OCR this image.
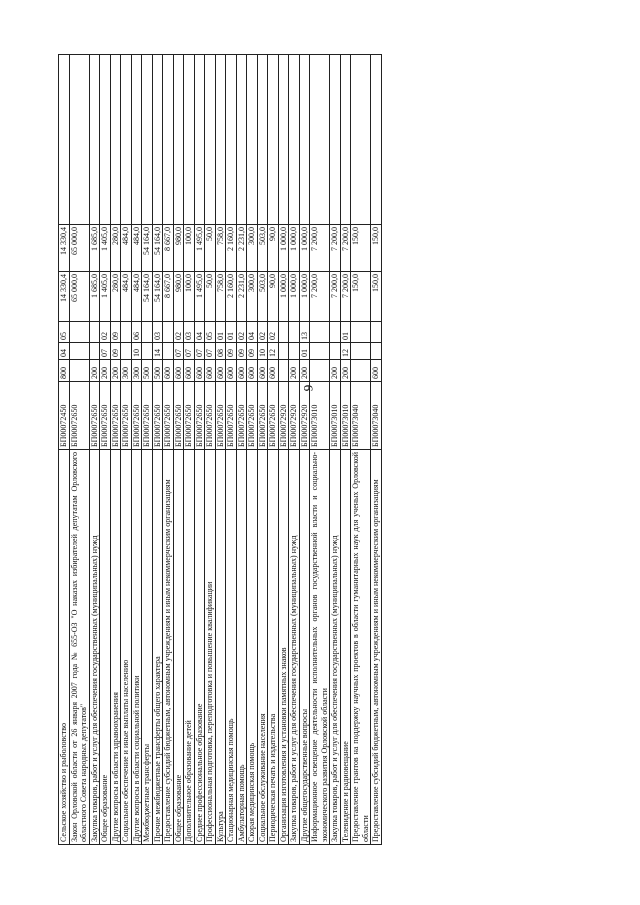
9
Сельское хозяйство и рыболовство	БП00072450	800	04	05	14 330,4	14 330,4	
Закон Орловской области от 26 января 2007 года № 655-ОЗ "О наказах избирателей депутатам Орловского областного Совета народных депутатов"	БП00072650				65 000,0	65 000,0	
Закупка товаров, работ и услуг для обеспечения государственных (муниципальных) нужд	БП00072650	200			1 685,0	1 685,0	
Общее образование	БП00072650	200	07	02	1 405,0	1 405,0	
Другие вопросы в области здравоохранения	БП00072650	200	09	09	280,0	280,0	
Социальное обеспечение и иные выплаты населению	БП00072650	300			484,0	484,0	
Другие вопросы в области социальной политики	БП00072650	300	10	06	484,0	484,0	
Межбюджетные трансферты	БП00072650	500			54 164,0	54 164,0	
Прочие межбюджетные трансферты общего характера	БП00072650	500	14	03	54 164,0	54 164,0	
Предоставление субсидий бюджетным, автономным учреждениям и иным некоммерческим организациям	БП00072650	600			8 667,0	8 667,0	
Общее образование	БП00072650	600	07	02	980,0	980,0	
Дополнительное образование детей	БП00072650	600	07	03	100,0	100,0	
Среднее профессиональное образование	БП00072650	600	07	04	1 495,0	1 495,0	
Профессиональная подготовка, переподготовка и повышение квалификации	БП00072650	600	07	05	50,0	50,0	
Культура	БП00072650	600	08	01	758,0	758,0	
Стационарная медицинская помощь	БП00072650	600	09	01	2 160,0	2 160,0	
Амбулаторная помощь	БП00072650	600	09	02	2 231,0	2 231,0	
Скорая медицинская помощь	БП00072650	600	09	04	300,0	300,0	
Социальное обслуживание населения	БП00072650	600	10	02	503,0	503,0	
Периодическая печать и издательства	БП00072650	600	12	02	90,0	90,0	
Организация изготовления и установки памятных знаков	БП00072920				1 000,0	1 000,0	
Закупка товаров, работ и услуг для обеспечения государственных (муниципальных) нужд	БП00072920	200			1 000,0	1 000,0	
Другие общегосударственные вопросы	БП00072920	200	01	13	1 000,0	1 000,0	
Информационное освещение деятельности исполнительных органов государственной власти и социально-экономического развития Орловской области	БП00073010				7 200,0	7 200,0	
Закупка товаров, работ и услуг для обеспечения государственных (муниципальных) нужд	БП00073010	200			7 200,0	7 200,0	
Телевидение и радиовещание	БП00073010	200	12	01	7 200,0	7 200,0	
Предоставление грантов на поддержку научных проектов в области гуманитарных наук для ученых Орловской области	БП00073040				150,0	150,0	
Предоставление субсидий бюджетным, автономным учреждениям и иным некоммерческим организациям	БП00073040	600			150,0	150,0	
